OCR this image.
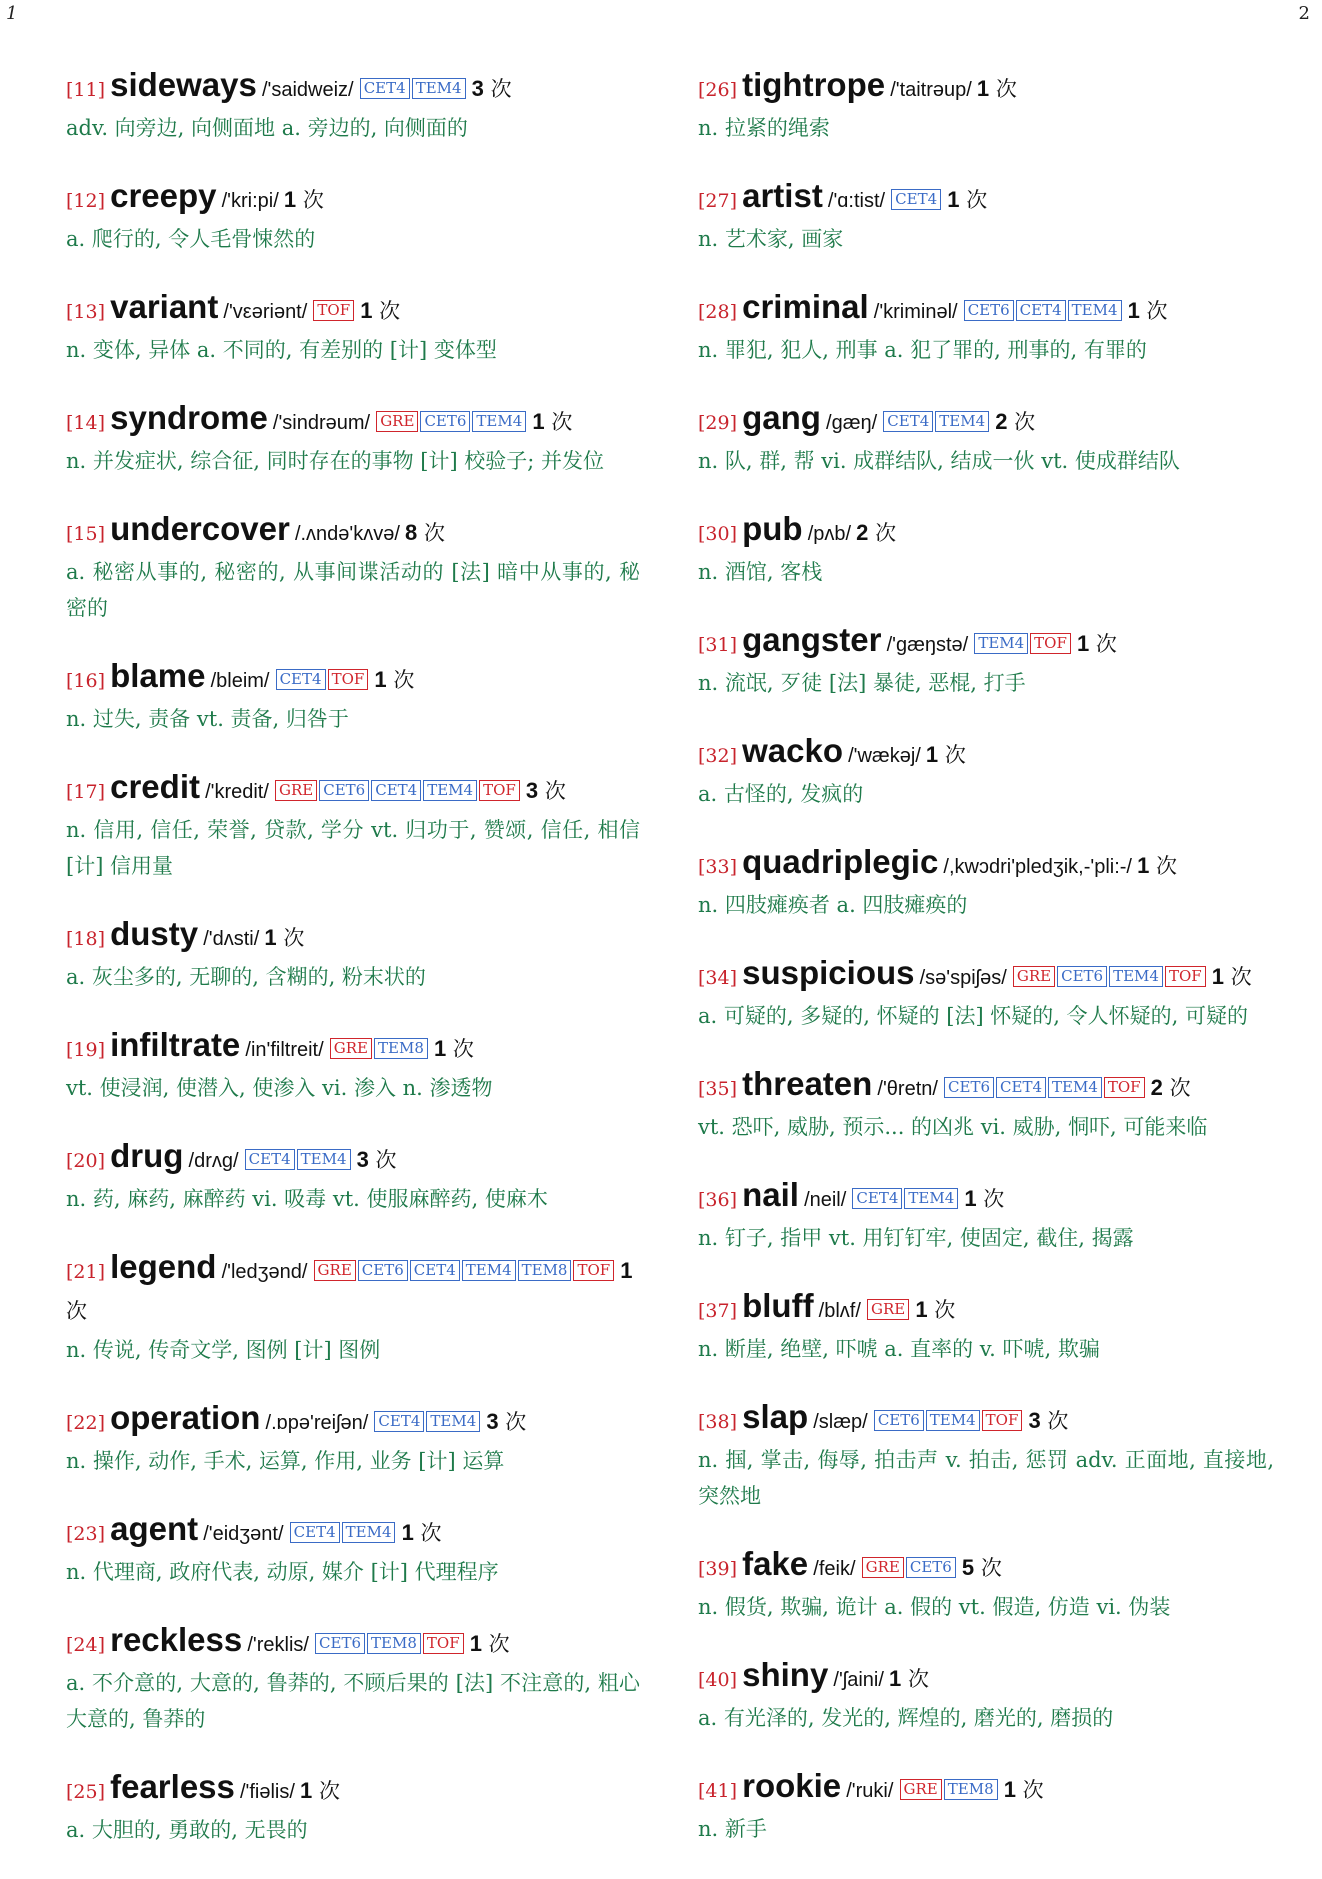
1	2
[11] sideways /'saidweiz/ CET4 TEM4 3 次
adv. 向旁边, 向侧面地 a. 旁边的, 向侧面的
[12] creepy /'kri:pi/ 1 次
a. 爬行的, 令人毛骨悚然的
[13] variant /'vεəriənt/ TOF 1 次
n. 变体, 异体 a. 不同的, 有差别的 [计] 变体型
[14] syndrome /'sindrəum/ GRE CET6 TEM4 1 次
n. 并发症状, 综合征, 同时存在的事物 [计] 校验子; 并发位
[15] undercover /.ʌndə'kʌvə/ 8 次
a. 秘密从事的, 秘密的, 从事间谍活动的 [法] 暗中从事的, 秘密的
[16] blame /bleim/ CET4 TOF 1 次
n. 过失, 责备 vt. 责备, 归咎于
[17] credit /'kredit/ GRE CET6 CET4 TEM4 TOF 3 次
n. 信用, 信任, 荣誉, 贷款, 学分 vt. 归功于, 赞颂, 信任, 相信 [计] 信用量
[18] dusty /'dʌsti/ 1 次
a. 灰尘多的, 无聊的, 含糊的, 粉末状的
[19] infiltrate /in'filtreit/ GRE TEM8 1 次
vt. 使浸润, 使潜入, 使渗入 vi. 渗入 n. 渗透物
[20] drug /drʌg/ CET4 TEM4 3 次
n. 药, 麻药, 麻醉药 vi. 吸毒 vt. 使服麻醉药, 使麻木
[21] legend /'ledʒənd/ GRE CET6 CET4 TEM4 TEM8 TOF 1 次
n. 传说, 传奇文学, 图例 [计] 图例
[22] operation /.ɒpə'reiʃən/ CET4 TEM4 3 次
n. 操作, 动作, 手术, 运算, 作用, 业务 [计] 运算
[23] agent /'eidʒənt/ CET4 TEM4 1 次
n. 代理商, 政府代表, 动原, 媒介 [计] 代理程序
[24] reckless /'reklis/ CET6 TEM8 TOF 1 次
a. 不介意的, 大意的, 鲁莽的, 不顾后果的 [法] 不注意的, 粗心大意的, 鲁莽的
[25] fearless /'fiəlis/ 1 次
a. 大胆的, 勇敢的, 无畏的
[26] tightrope /'taitrəup/ 1 次
n. 拉紧的绳索
[27] artist /'ɑ:tist/ CET4 1 次
n. 艺术家, 画家
[28] criminal /'kriminəl/ CET6 CET4 TEM4 1 次
n. 罪犯, 犯人, 刑事 a. 犯了罪的, 刑事的, 有罪的
[29] gang /gæŋ/ CET4 TEM4 2 次
n. 队, 群, 帮 vi. 成群结队, 结成一伙 vt. 使成群结队
[30] pub /pʌb/ 2 次
n. 酒馆, 客栈
[31] gangster /'gæŋstə/ TEM4 TOF 1 次
n. 流氓, 歹徒 [法] 暴徒, 恶棍, 打手
[32] wacko /'wækəj/ 1 次
a. 古怪的, 发疯的
[33] quadriplegic /,kwɔdri'pledʒik,-'pli:-/ 1 次
n. 四肢瘫痪者 a. 四肢瘫痪的
[34] suspicious /sə'spiʃəs/ GRE CET6 TEM4 TOF 1 次
a. 可疑的, 多疑的, 怀疑的 [法] 怀疑的, 令人怀疑的, 可疑的
[35] threaten /'θretn/ CET6 CET4 TEM4 TOF 2 次
vt. 恐吓, 威胁, 预示... 的凶兆 vi. 威胁, 恫吓, 可能来临
[36] nail /neil/ CET4 TEM4 1 次
n. 钉子, 指甲 vt. 用钉钉牢, 使固定, 截住, 揭露
[37] bluff /blʌf/ GRE 1 次
n. 断崖, 绝壁, 吓唬 a. 直率的 v. 吓唬, 欺骗
[38] slap /slæp/ CET6 TEM4 TOF 3 次
n. 掴, 掌击, 侮辱, 拍击声 v. 拍击, 惩罚 adv. 正面地, 直接地, 突然地
[39] fake /feik/ GRE CET6 5 次
n. 假货, 欺骗, 诡计 a. 假的 vt. 假造, 仿造 vi. 伪装
[40] shiny /'ʃaini/ 1 次
a. 有光泽的, 发光的, 辉煌的, 磨光的, 磨损的
[41] rookie /'ruki/ GRE TEM8 1 次
n. 新手
